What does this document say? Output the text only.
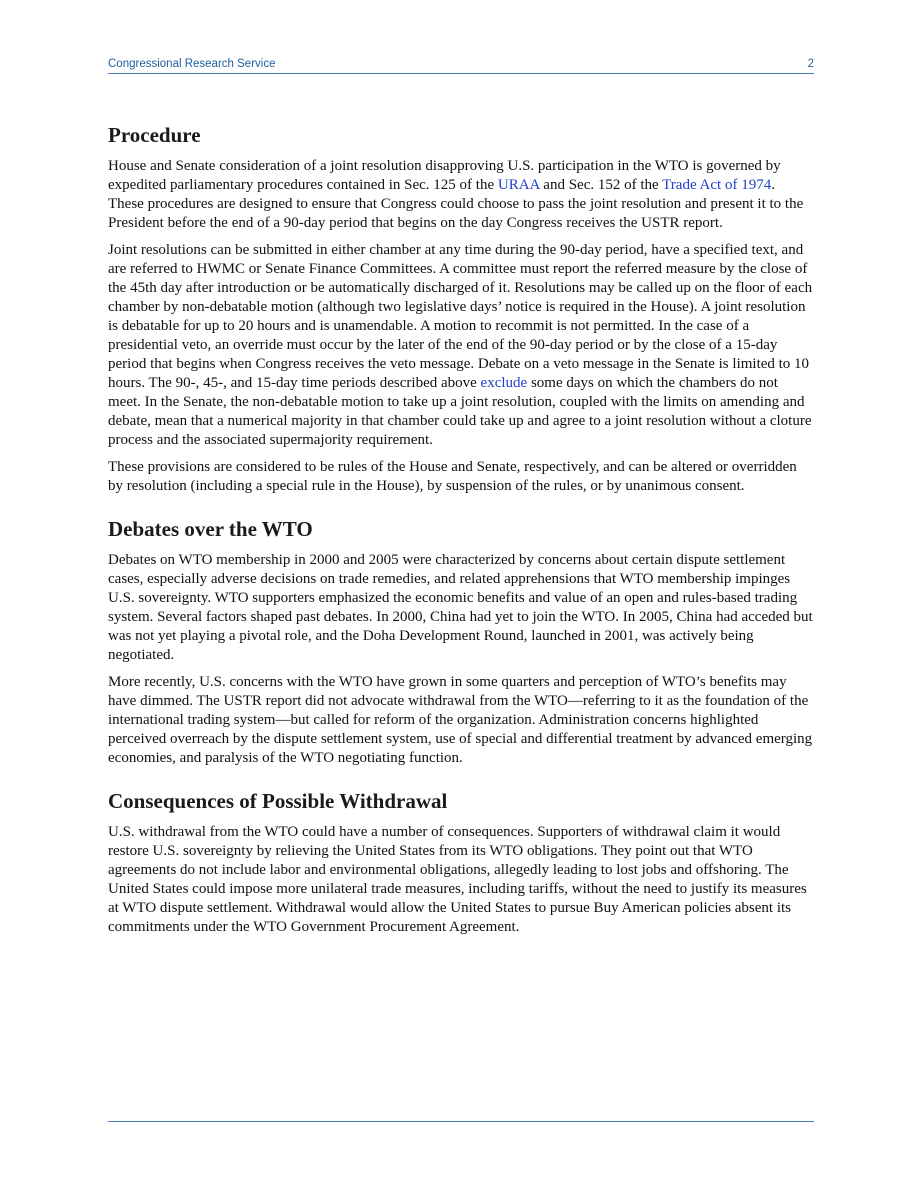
Congressional Research Service	2
Procedure

House and Senate consideration of a joint resolution disapproving U.S. participation in the WTO is governed by expedited parliamentary procedures contained in Sec. 125 of the URAA and Sec. 152 of the Trade Act of 1974. These procedures are designed to ensure that Congress could choose to pass the joint resolution and present it to the President before the end of a 90-day period that begins on the day Congress receives the USTR report.

Joint resolutions can be submitted in either chamber at any time during the 90-day period, have a specified text, and are referred to HWMC or Senate Finance Committees. A committee must report the referred measure by the close of the 45th day after introduction or be automatically discharged of it. Resolutions may be called up on the floor of each chamber by non-debatable motion (although two legislative days’ notice is required in the House). A joint resolution is debatable for up to 20 hours and is unamendable. A motion to recommit is not permitted. In the case of a presidential veto, an override must occur by the later of the end of the 90-day period or by the close of a 15-day period that begins when Congress receives the veto message. Debate on a veto message in the Senate is limited to 10 hours. The 90-, 45-, and 15-day time periods described above exclude some days on which the chambers do not meet. In the Senate, the non-debatable motion to take up a joint resolution, coupled with the limits on amending and debate, mean that a numerical majority in that chamber could take up and agree to a joint resolution without a cloture process and the associated supermajority requirement.

These provisions are considered to be rules of the House and Senate, respectively, and can be altered or overridden by resolution (including a special rule in the House), by suspension of the rules, or by unanimous consent.

Debates over the WTO

Debates on WTO membership in 2000 and 2005 were characterized by concerns about certain dispute settlement cases, especially adverse decisions on trade remedies, and related apprehensions that WTO membership impinges U.S. sovereignty. WTO supporters emphasized the economic benefits and value of an open and rules-based trading system. Several factors shaped past debates. In 2000, China had yet to join the WTO. In 2005, China had acceded but was not yet playing a pivotal role, and the Doha Development Round, launched in 2001, was actively being negotiated.

More recently, U.S. concerns with the WTO have grown in some quarters and perception of WTO’s benefits may have dimmed. The USTR report did not advocate withdrawal from the WTO—referring to it as the foundation of the international trading system—but called for reform of the organization. Administration concerns highlighted perceived overreach by the dispute settlement system, use of special and differential treatment by advanced emerging economies, and paralysis of the WTO negotiating function.

Consequences of Possible Withdrawal

U.S. withdrawal from the WTO could have a number of consequences. Supporters of withdrawal claim it would restore U.S. sovereignty by relieving the United States from its WTO obligations. They point out that WTO agreements do not include labor and environmental obligations, allegedly leading to lost jobs and offshoring. The United States could impose more unilateral trade measures, including tariffs, without the need to justify its measures at WTO dispute settlement. Withdrawal would allow the United States to pursue Buy American policies absent its commitments under the WTO Government Procurement Agreement.
